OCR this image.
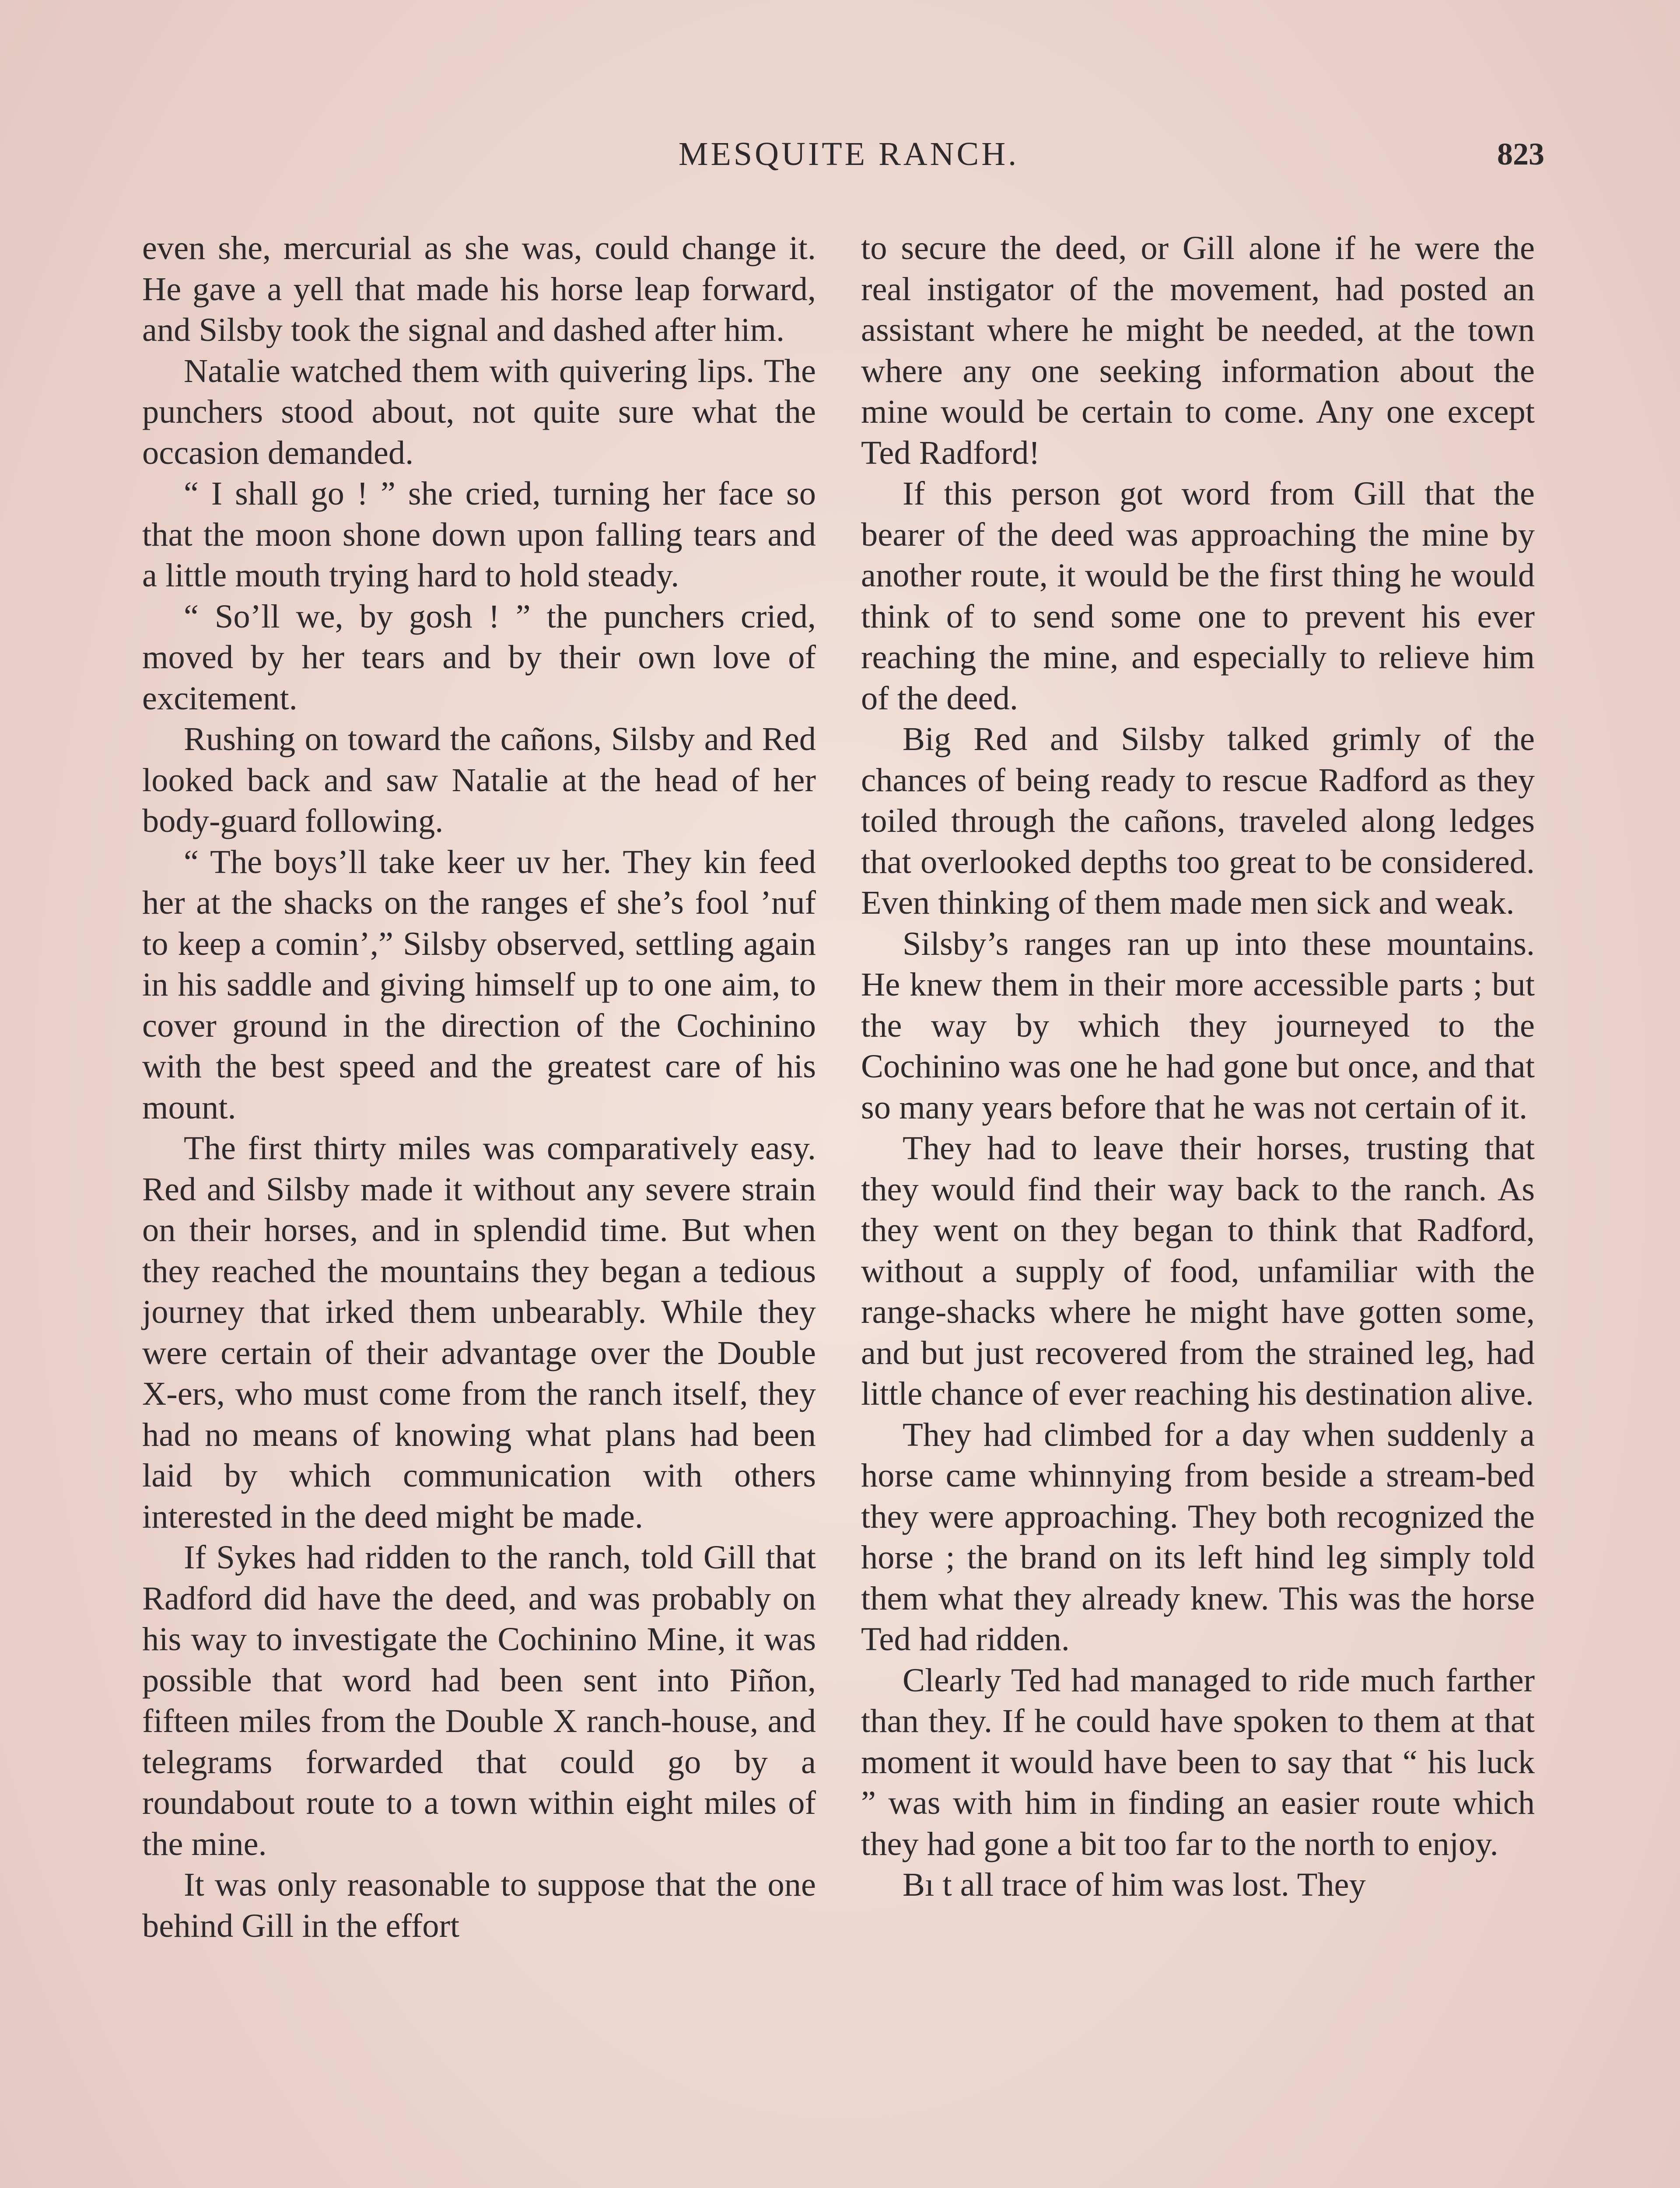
MESQUITE RANCH.	823

even she, mercurial as she was, could change it. He gave a yell that made his horse leap forward, and Silsby took the signal and dashed after him.

Natalie watched them with quivering lips. The punchers stood about, not quite sure what the occasion demanded.

“ I shall go ! ” she cried, turning her face so that the moon shone down upon falling tears and a little mouth trying hard to hold steady.

“ So’ll we, by gosh ! ” the punchers cried, moved by her tears and by their own love of excitement.

Rushing on toward the cañons, Silsby and Red looked back and saw Natalie at the head of her body-guard following.

“ The boys’ll take keer uv her. They kin feed her at the shacks on the ranges ef she’s fool ’nuf to keep a comin’,” Silsby observed, settling again in his saddle and giving himself up to one aim, to cover ground in the direction of the Cochinino with the best speed and the greatest care of his mount.

The first thirty miles was comparatively easy. Red and Silsby made it without any severe strain on their horses, and in splendid time. But when they reached the mountains they began a tedious journey that irked them unbearably. While they were certain of their advantage over the Double X-ers, who must come from the ranch itself, they had no means of knowing what plans had been laid by which communication with others interested in the deed might be made.

If Sykes had ridden to the ranch, told Gill that Radford did have the deed, and was probably on his way to investigate the Cochinino Mine, it was possible that word had been sent into Piñon, fifteen miles from the Double X ranch-house, and telegrams forwarded that could go by a roundabout route to a town within eight miles of the mine.

It was only reasonable to suppose that the one behind Gill in the effort

to secure the deed, or Gill alone if he were the real instigator of the movement, had posted an assistant where he might be needed, at the town where any one seeking information about the mine would be certain to come. Any one except Ted Radford!

If this person got word from Gill that the bearer of the deed was approaching the mine by another route, it would be the first thing he would think of to send some one to prevent his ever reaching the mine, and especially to relieve him of the deed.

Big Red and Silsby talked grimly of the chances of being ready to rescue Radford as they toiled through the cañons, traveled along ledges that overlooked depths too great to be considered. Even thinking of them made men sick and weak.

Silsby’s ranges ran up into these mountains. He knew them in their more accessible parts ; but the way by which they journeyed to the Cochinino was one he had gone but once, and that so many years before that he was not certain of it.

They had to leave their horses, trusting that they would find their way back to the ranch. As they went on they began to think that Radford, without a supply of food, unfamiliar with the range-shacks where he might have gotten some, and but just recovered from the strained leg, had little chance of ever reaching his destination alive.

They had climbed for a day when suddenly a horse came whinnying from beside a stream-bed they were approaching. They both recognized the horse ; the brand on its left hind leg simply told them what they already knew. This was the horse Ted had ridden.

Clearly Ted had managed to ride much farther than they. If he could have spoken to them at that moment it would have been to say that “ his luck ” was with him in finding an easier route which they had gone a bit too far to the north to enjoy.

Bı t all trace of him was lost. They
